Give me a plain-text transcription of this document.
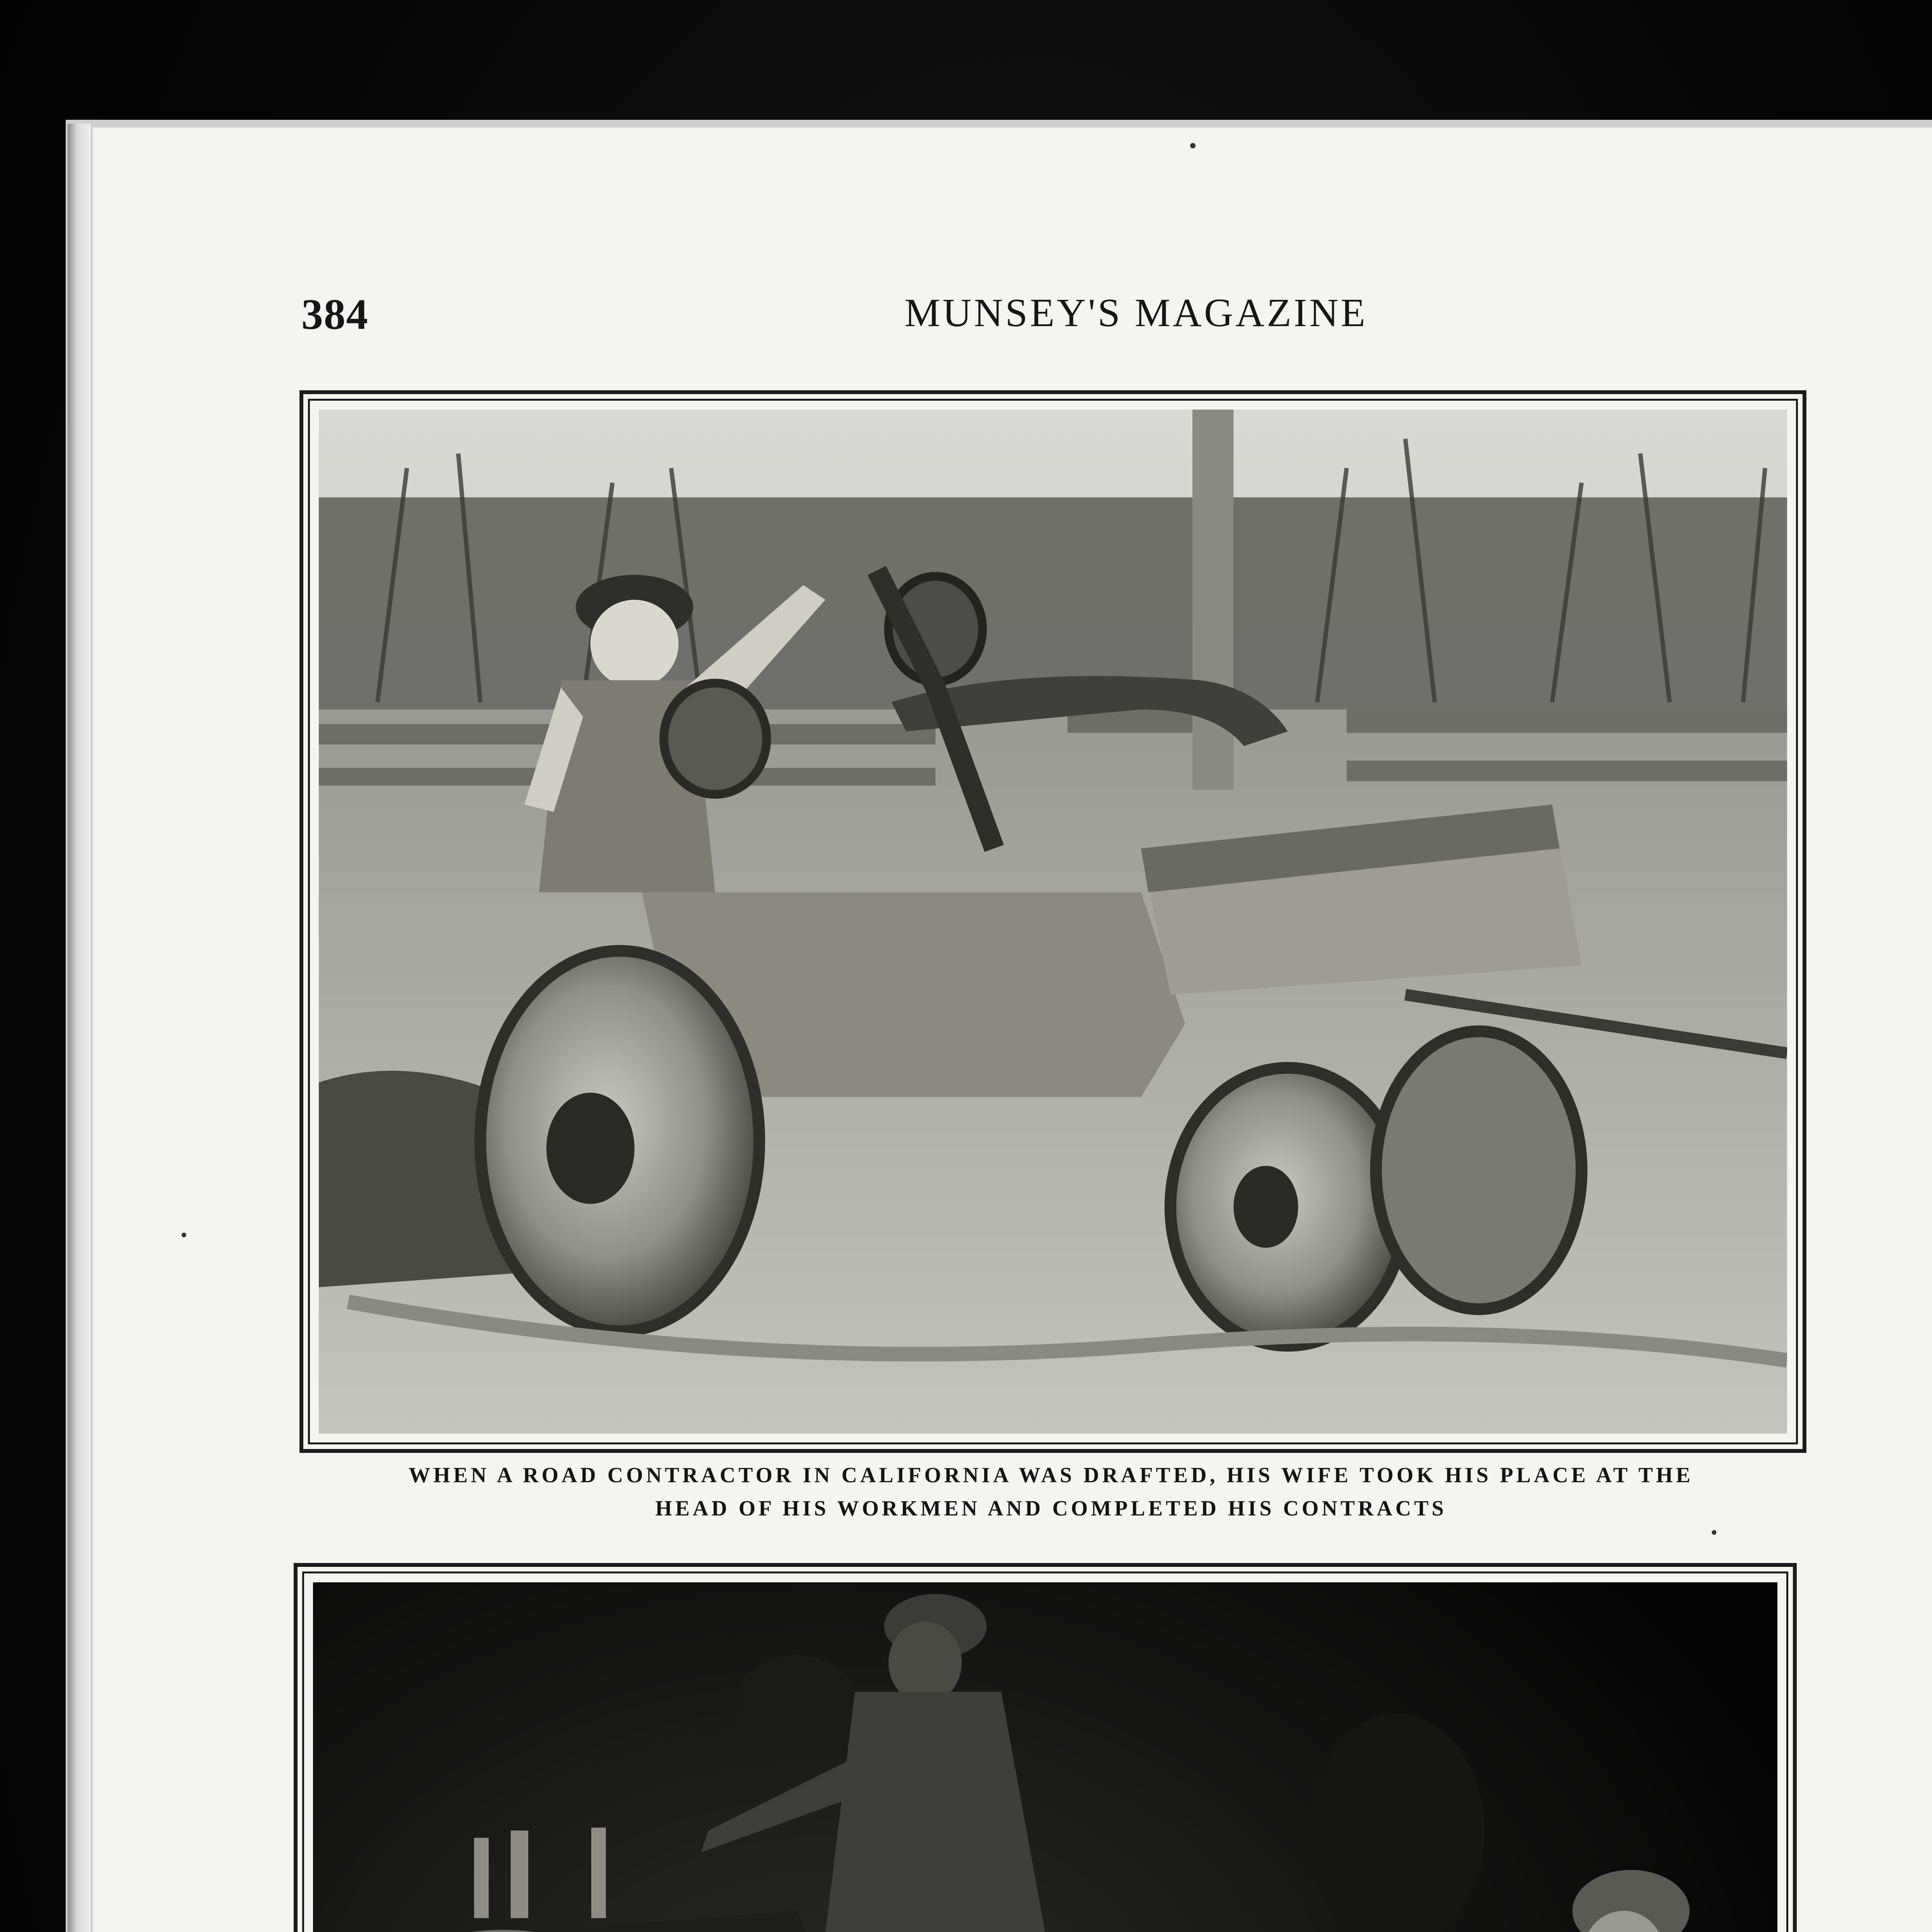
384	MUNSEY'S MAGAZINE
WHEN A ROAD CONTRACTOR IN CALIFORNIA WAS DRAFTED, HIS WIFE TOOK HIS PLACE AT THE
HEAD OF HIS WORKMEN AND COMPLETED HIS CONTRACTS
